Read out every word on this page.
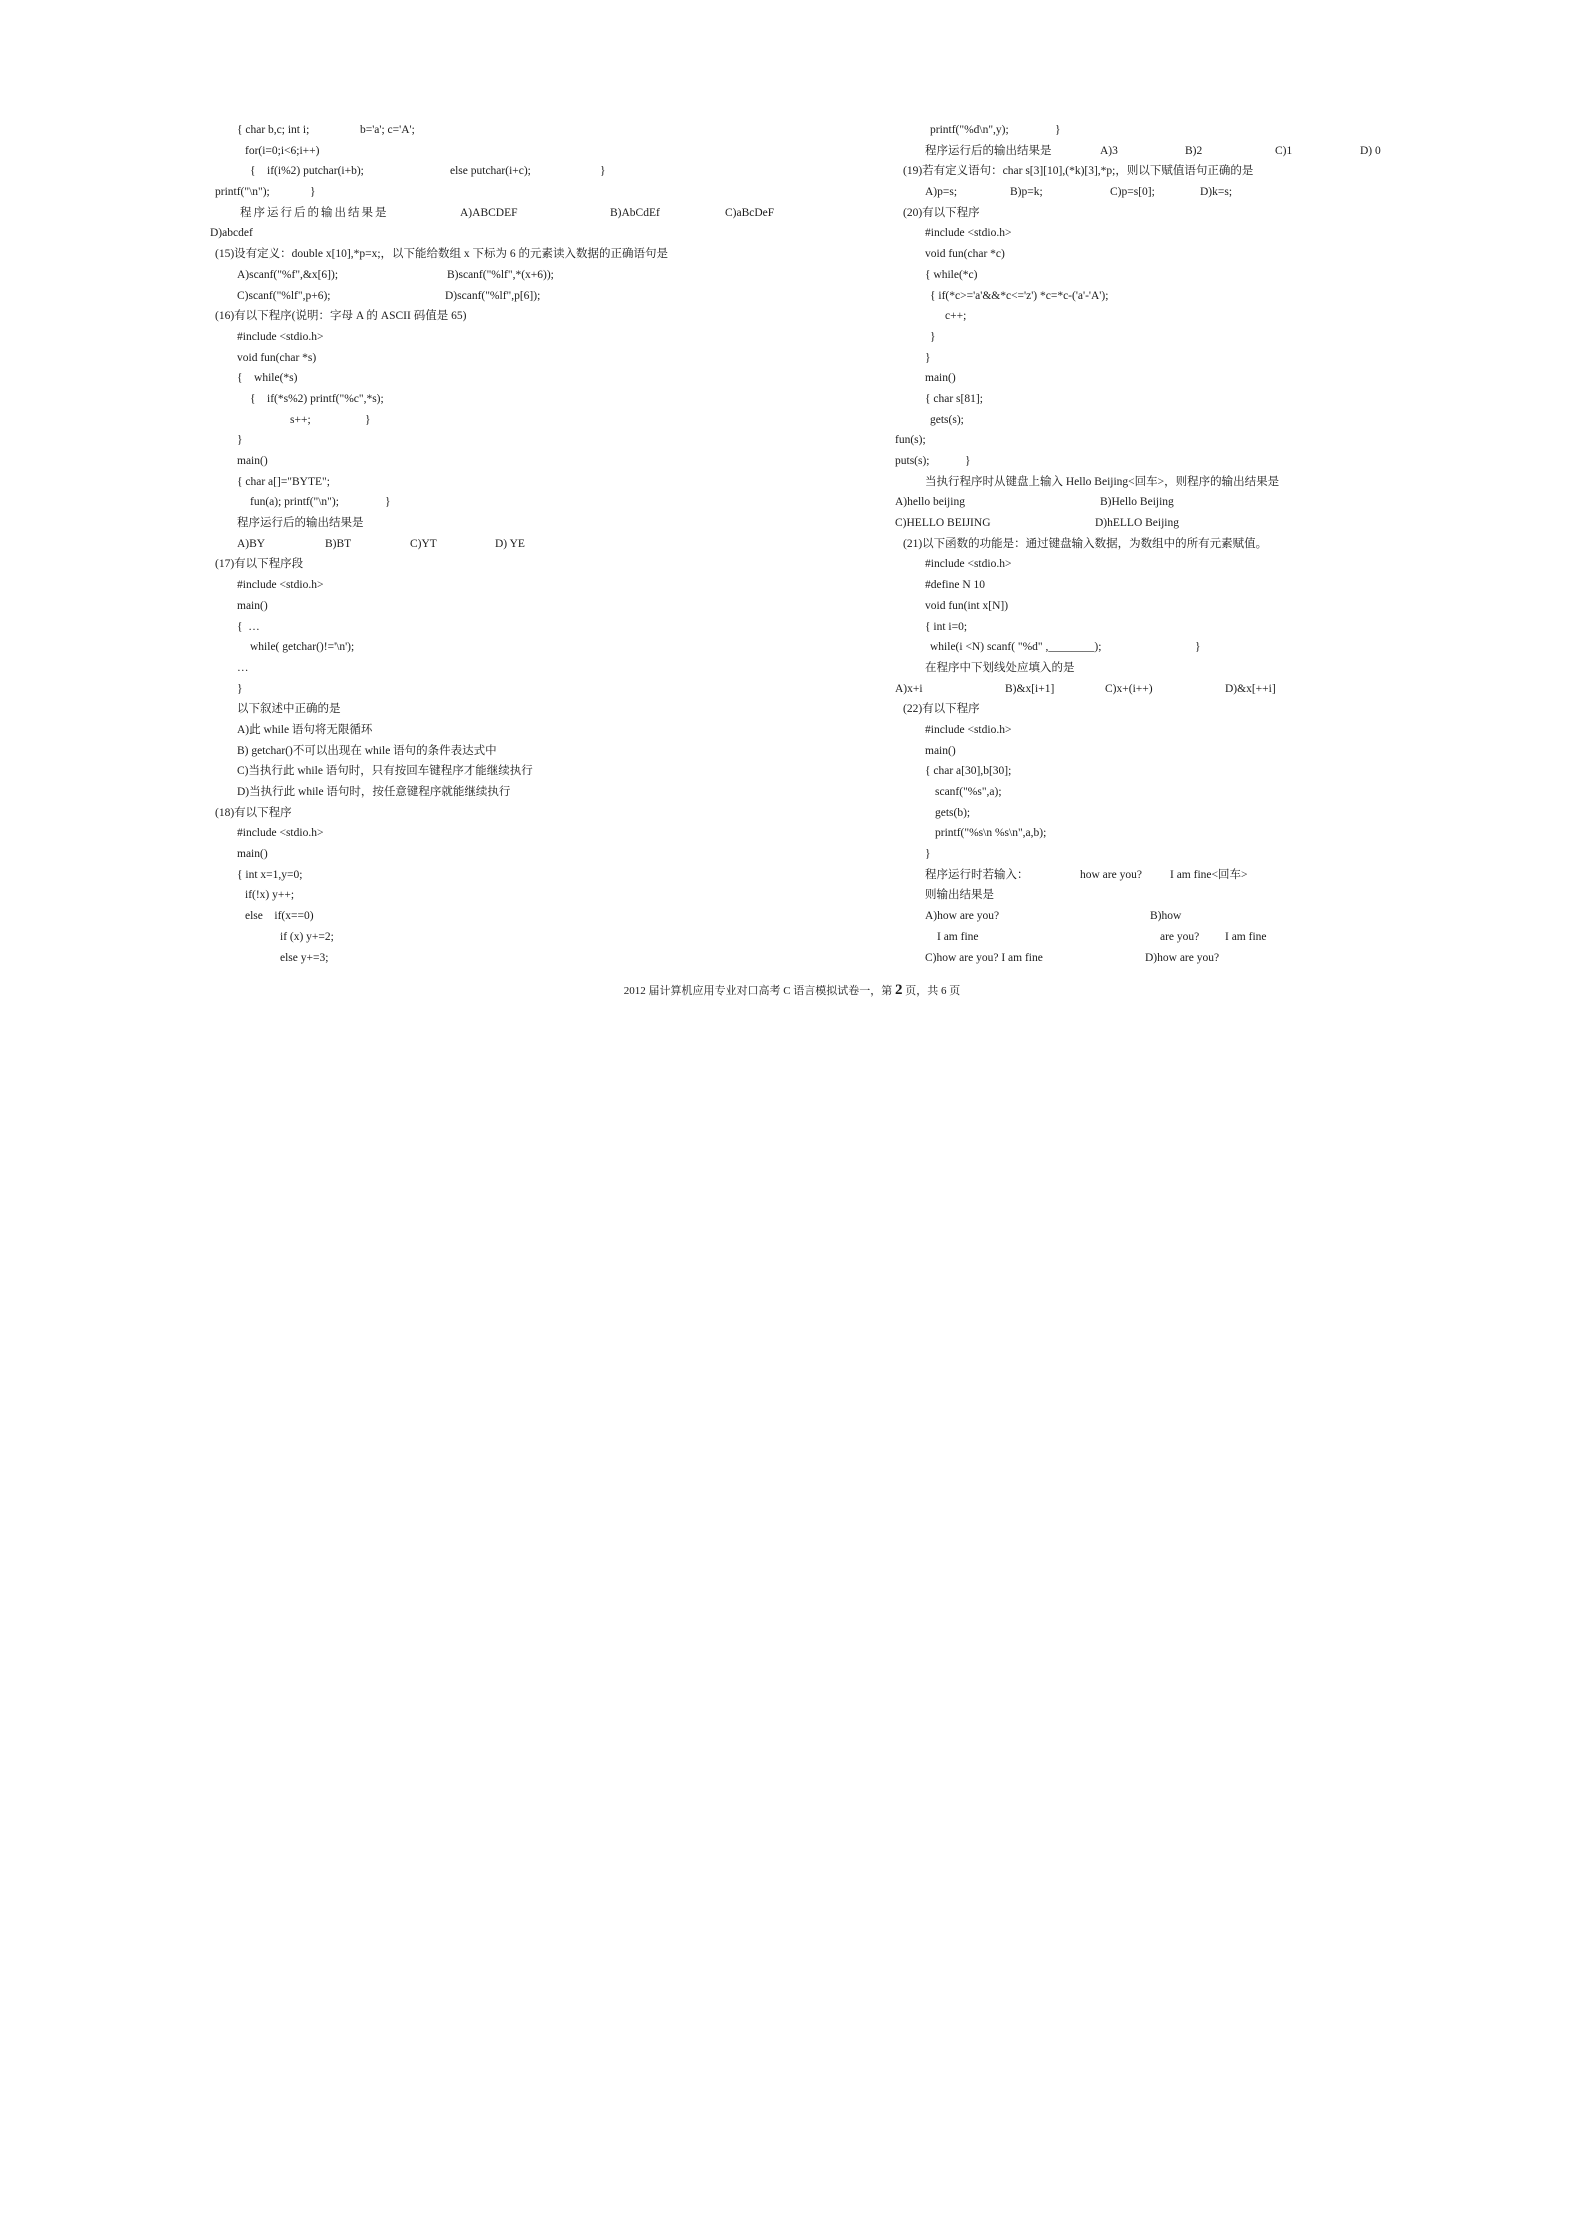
{ char b,c; int i;	b='a'; c='A';
for(i=0;i<6;i++)
{    if(i%2) putchar(i+b);	else putchar(i+c);	}
printf("\n");	}
程序运行后的输出结果是	A)ABCDEF	B)AbCdEf	C)aBcDeF
D)abcdef
(15)设有定义：double x[10],*p=x;，以下能给数组 x 下标为 6 的元素读入数据的正确语句是
A)scanf("%f",&x[6]);	B)scanf("%lf",*(x+6));
C)scanf("%lf",p+6);	D)scanf("%lf",p[6]);
(16)有以下程序(说明：字母 A 的 ASCII 码值是 65)
#include <stdio.h>
void fun(char *s)
{    while(*s)
{    if(*s%2) printf("%c",*s);
s++;	}
}
main()
{ char a[]="BYTE";
fun(a); printf("\n");	}
程序运行后的输出结果是
A)BY	B)BT	C)YT	D) YE
(17)有以下程序段
#include <stdio.h>
main()
{  …
while( getchar()!='\n');
…
}
以下叙述中正确的是
A)此 while 语句将无限循环
B) getchar()不可以出现在 while 语句的条件表达式中
C)当执行此 while 语句时，只有按回车键程序才能继续执行
D)当执行此 while 语句时，按任意键程序就能继续执行
(18)有以下程序
#include <stdio.h>
main()
{ int x=1,y=0;
if(!x) y++;
else    if(x==0)
if (x) y+=2;
else y+=3;
printf("%d\n",y);	}
程序运行后的输出结果是	A)3	B)2	C)1	D) 0
(19)若有定义语句：char s[3][10],(*k)[3],*p;，则以下赋值语句正确的是
A)p=s;	B)p=k;	C)p=s[0];	D)k=s;
(20)有以下程序
#include <stdio.h>
void fun(char *c)
{ while(*c)
{ if(*c>='a'&&*c<='z') *c=*c-('a'-'A');
c++;
}
}
main()
{ char s[81];
gets(s);
fun(s);
puts(s);	}
当执行程序时从键盘上输入 Hello Beijing<回车>，则程序的输出结果是
A)hello beijing	B)Hello Beijing
C)HELLO BEIJING	D)hELLO Beijing
(21)以下函数的功能是：通过键盘输入数据，为数组中的所有元素赋值。
#include <stdio.h>
#define N 10
void fun(int x[N])
{ int i=0;
while(i <N) scanf( "%d" ,________);	}
在程序中下划线处应填入的是
A)x+i	B)&x[i+1]	C)x+(i++)	D)&x[++i]
(22)有以下程序
#include <stdio.h>
main()
{ char a[30],b[30];
scanf("%s",a);
gets(b);
printf("%s\n %s\n",a,b);
}
程序运行时若输入：	how are you? I am fine<回车>
则输出结果是
A)how are you?	B)how
I am fine	are you? I am fine
C)how are you? I am fine	D)how are you?
2012 届计算机应用专业对口高考 C 语言模拟试卷一，第 2 页，共 6 页
